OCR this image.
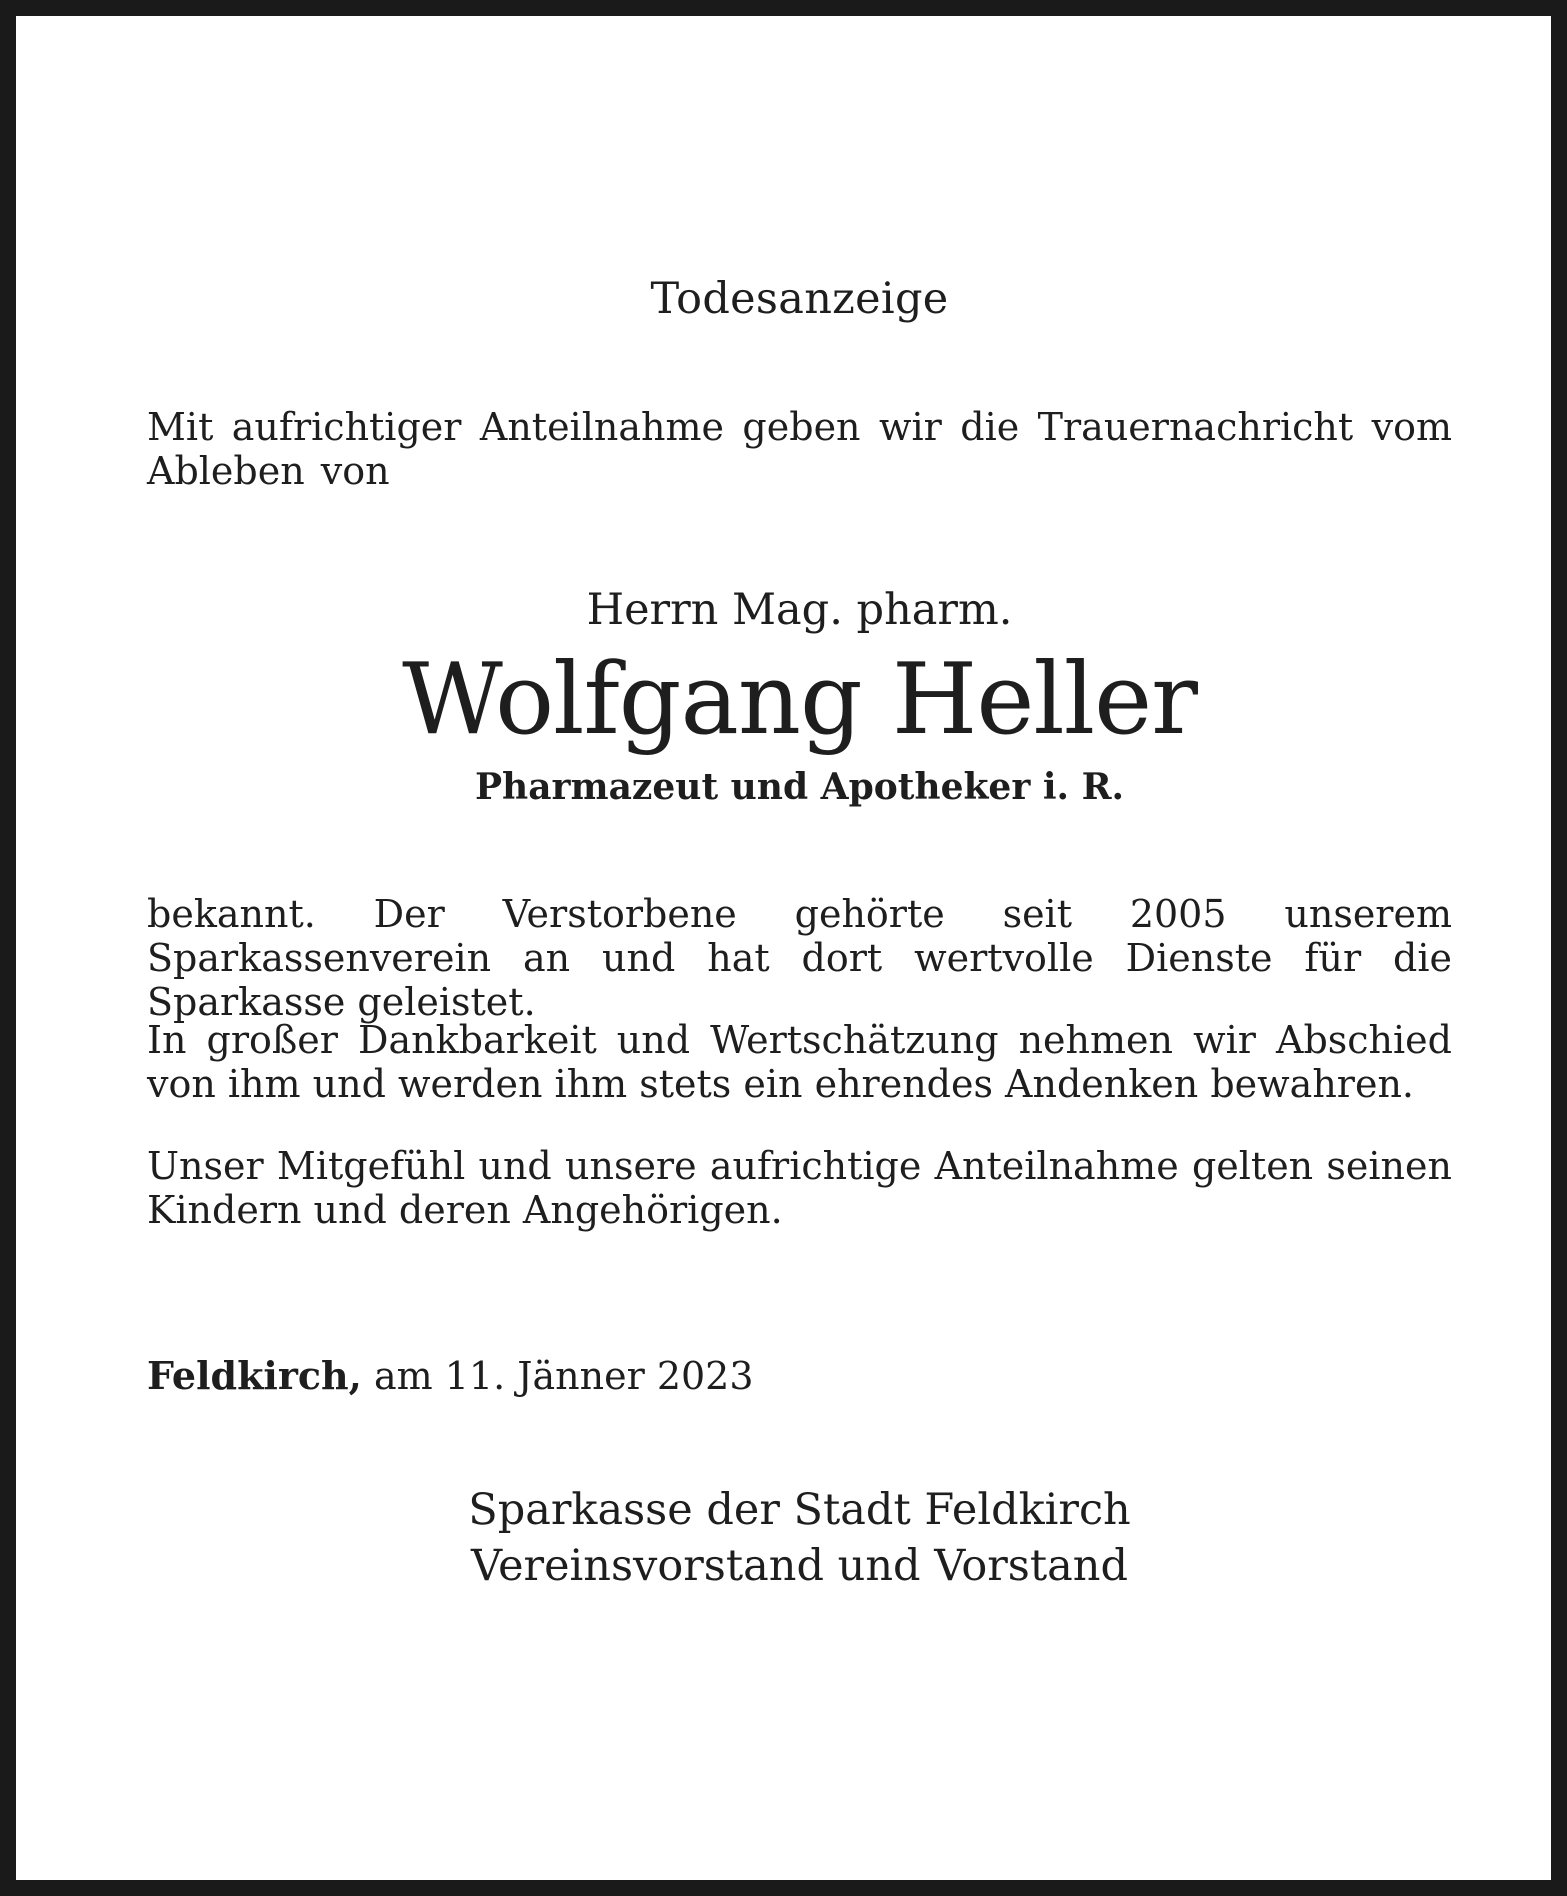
Todesanzeige
Mit aufrichtiger Anteilnahme geben wir die Trauernachricht vom Ableben von
Herrn Mag. pharm.
Wolfgang Heller
Pharmazeut und Apotheker i. R.
bekannt. Der Verstorbene gehörte seit 2005 unserem Sparkassenverein an und hat dort wertvolle Dienste für die Sparkasse geleistet.
In großer Dankbarkeit und Wertschätzung nehmen wir Abschied von ihm und werden ihm stets ein ehrendes Andenken bewahren.
Unser Mitgefühl und unsere aufrichtige Anteilnahme gelten seinen Kindern und deren Angehörigen.
Feldkirch, am 11. Jänner 2023
Sparkasse der Stadt Feldkirch
Vereinsvorstand und Vorstand
